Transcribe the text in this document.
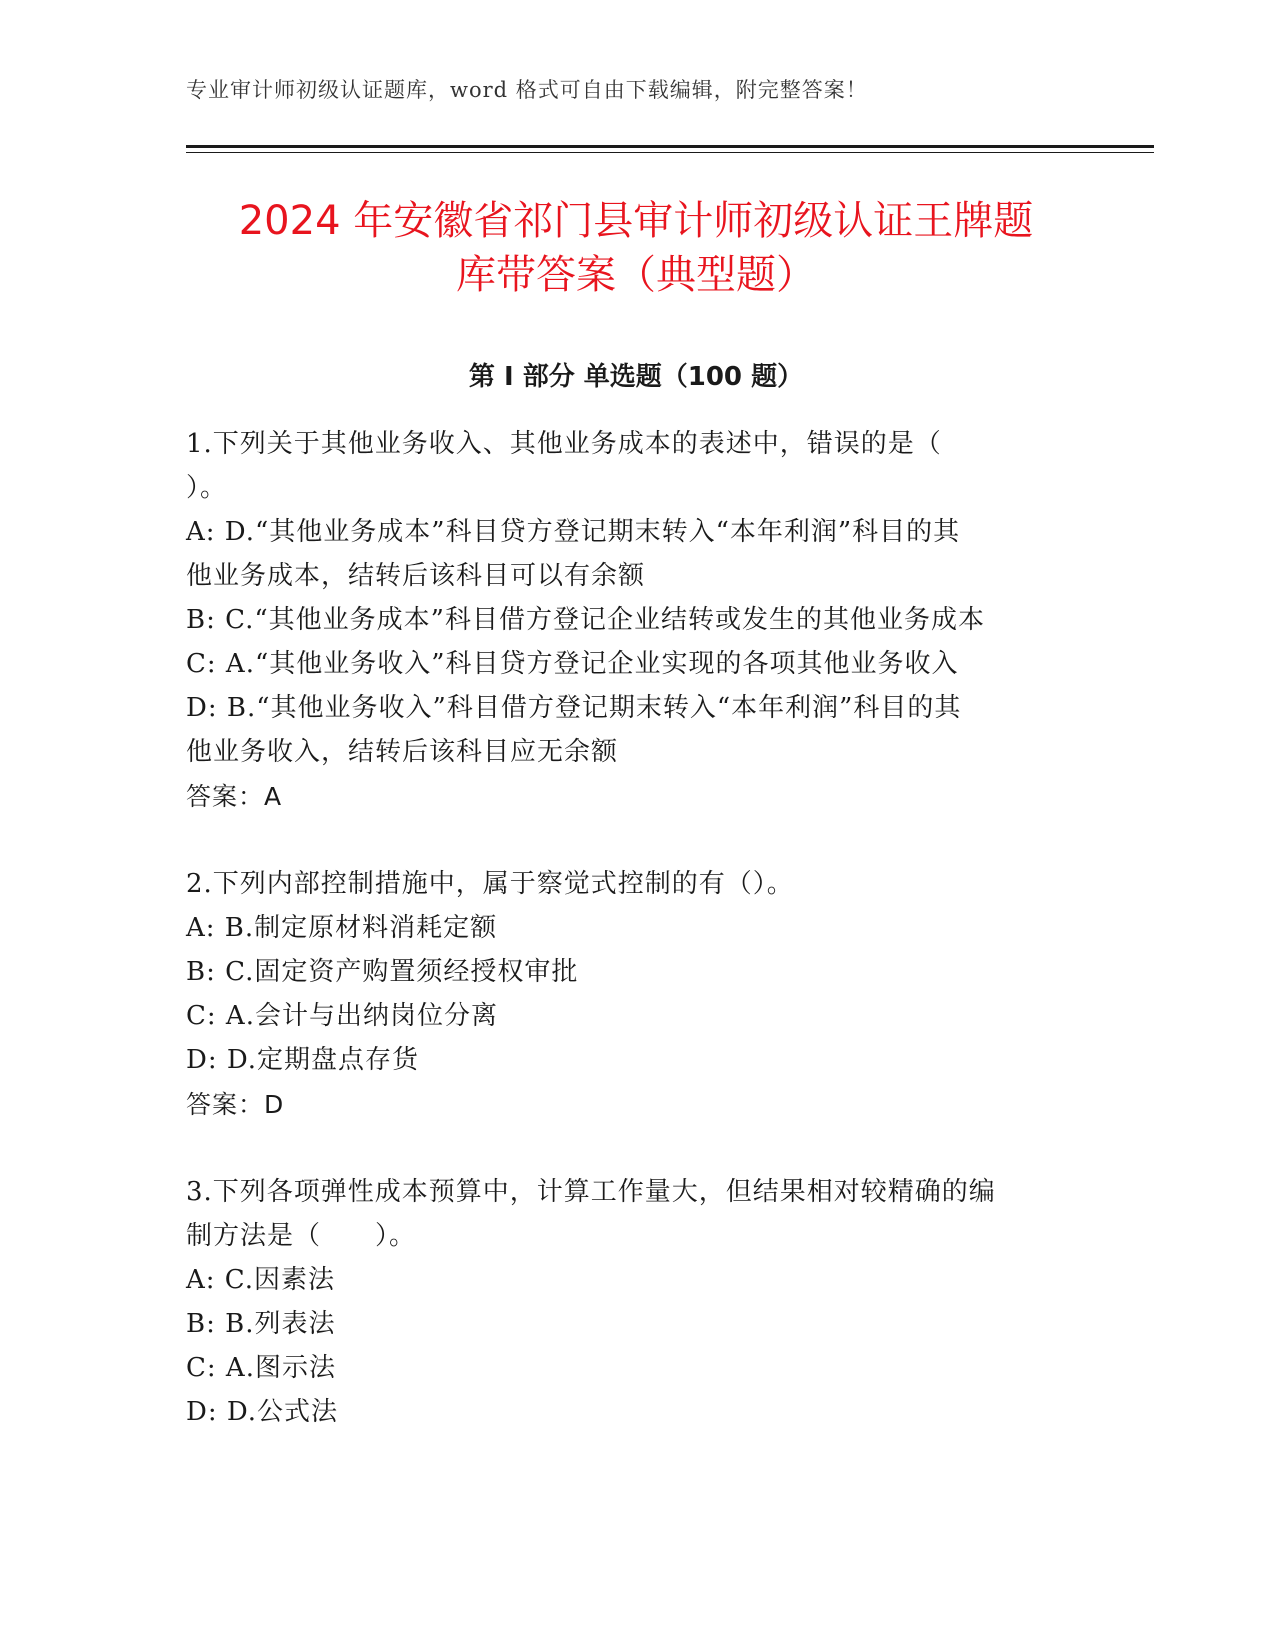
专业审计师初级认证题库，word 格式可自由下载编辑，附完整答案！
2024 年安徽省祁门县审计师初级认证王牌题
库带答案（典型题）
第 I 部分 单选题（100 题）

1.下列关于其他业务收入、其他业务成本的表述中，错误的是（

）。

A: D.“其他业务成本”科目贷方登记期末转入“本年利润”科目的其

他业务成本，结转后该科目可以有余额

B: C.“其他业务成本”科目借方登记企业结转或发生的其他业务成本

C: A.“其他业务收入”科目贷方登记企业实现的各项其他业务收入

D: B.“其他业务收入”科目借方登记期末转入“本年利润”科目的其

他业务收入，结转后该科目应无余额

答案：A

2.下列内部控制措施中，属于察觉式控制的有（）。

A: B.制定原材料消耗定额

B: C.固定资产购置须经授权审批

C: A.会计与出纳岗位分离

D: D.定期盘点存货

答案：D

3.下列各项弹性成本预算中，计算工作量大，但结果相对较精确的编

制方法是（　　）。

A: C.因素法

B: B.列表法

C: A.图示法

D: D.公式法
